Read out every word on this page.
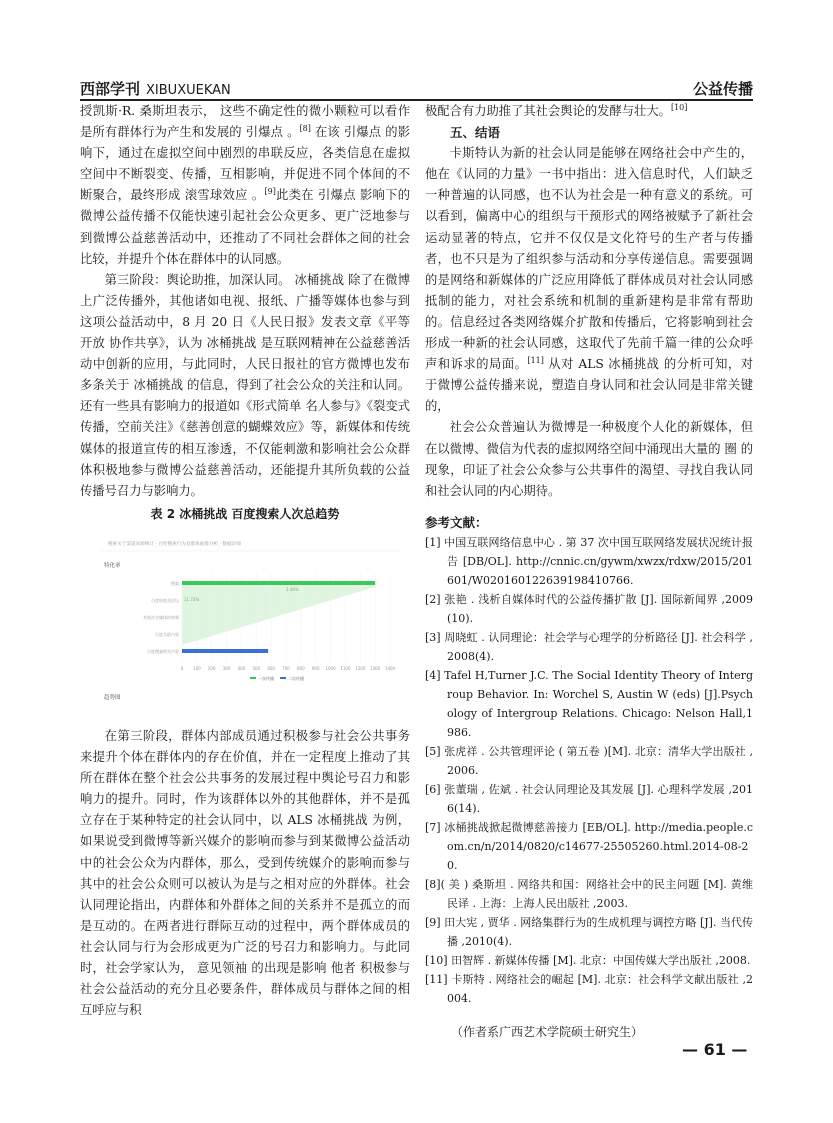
西部学刊 XIBUXUEKAN	公益传播

授凯斯·R. 桑斯坦表示， 这些不确定性的微小颗粒可以看作是所有群体行为产生和发展的 引爆点 。[8] 在该 引爆点 的影响下，通过在虚拟空间中剧烈的串联反应，各类信息在虚拟空间中不断裂变、传播，互相影响，并促进不同个体间的不断聚合，最终形成 滚雪球效应 。[9]此类在 引爆点 影响下的微博公益传播不仅能快速引起社会公众更多、更广泛地参与到微博公益慈善活动中，还推动了不同社会群体之间的社会比较，并提升个体在群体中的认同感。

第三阶段：舆论助推，加深认同。 冰桶挑战 除了在微博上广泛传播外，其他诸如电视、报纸、广播等媒体也参与到这项公益活动中，8 月 20 日《人民日报》发表文章《平等开放 协作共享》，认为 冰桶挑战 是互联网精神在公益慈善活动中创新的应用，与此同时，人民日报社的官方微博也发布多条关于 冰桶挑战 的信息，得到了社会公众的关注和认同。还有一些具有影响力的报道如《形式简单 名人参与》《裂变式传播，空前关注》《慈善创意的蝴蝶效应》等，新媒体和传统媒体的报道宣传的相互渗透，不仅能刺激和影响社会公众群体积极地参与微博公益慈善活动，还能提升其所负载的公益传播号召力与影响力。

表 2 冰桶挑战 百度搜索人次总趋势
搜索关于渠道来源统计 · 百度搜索行为及群体画像分析 · 数据详细
特化率
0 100 200 300 400 500 600 700 800 900 1000 1100 1200 1300 1400
搜索
百度贴吧及论坛
其他社交媒体的转载
百度关联内容
百度搜索相关内容
11.73%
2.46%
一次传播	二次传播
趋势图

在第三阶段，群体内部成员通过积极参与社会公共事务来提升个体在群体内的存在价值，并在一定程度上推动了其所在群体在整个社会公共事务的发展过程中舆论号召力和影响力的提升。同时，作为该群体以外的其他群体，并不是孤立存在于某种特定的社会认同中，以 ALS 冰桶挑战 为例，如果说受到微博等新兴媒介的影响而参与到某微博公益活动中的社会公众为内群体，那么，受到传统媒介的影响而参与其中的社会公众则可以被认为是与之相对应的外群体。社会认同理论指出，内群体和外群体之间的关系并不是孤立的而是互动的。在两者进行群际互动的过程中，两个群体成员的社会认同与行为会形成更为广泛的号召力和影响力。与此同时，社会学家认为， 意见领袖 的出现是影响 他者 积极参与社会公益活动的充分且必要条件，群体成员与群体之间的相互呼应与积

极配合有力助推了其社会舆论的发酵与壮大。[10]

五、结语

卡斯特认为新的社会认同是能够在网络社会中产生的，他在《认同的力量》一书中指出：进入信息时代，人们缺乏一种普遍的认同感，也不认为社会是一种有意义的系统。可以看到，偏离中心的组织与干预形式的网络被赋予了新社会运动显著的特点，它并不仅仅是文化符号的生产者与传播者，也不只是为了组织参与活动和分享传递信息。需要强调的是网络和新媒体的广泛应用降低了群体成员对社会认同感抵制的能力，对社会系统和机制的重新建构是非常有帮助的。信息经过各类网络媒介扩散和传播后，它将影响到社会形成一种新的社会认同感，这取代了先前千篇一律的公众呼声和诉求的局面。[11] 从对 ALS 冰桶挑战 的分析可知，对于微博公益传播来说，塑造自身认同和社会认同是非常关键的，

社会公众普遍认为微博是一种极度个人化的新媒体，但在以微博、微信为代表的虚拟网络空间中涌现出大量的 圈 的现象，印证了社会公众参与公共事件的渴望、寻找自我认同和社会认同的内心期待。

参考文献：

[1] 中国互联网络信息中心 . 第 37 次中国互联网络发展状况统计报告 [DB/OL]. http://cnnic.cn/gywm/xwzx/rdxw/2015/201601/W020160122639198410766.

[2] 张艳 . 浅析自媒体时代的公益传播扩散 [J]. 国际新闻界 ,2009(10).

[3] 周晓虹 . 认同理论：社会学与心理学的分析路径 [J]. 社会科学 ,2008(4).

[4] Tafel H,Turner J.C. The Social Identity Theory of Intergroup Behavior. In: Worchel S, Austin W (eds) [J].Psychology of Intergroup Relations. Chicago: Nelson Hall,1986.

[5] 张虎祥 . 公共管理评论 ( 第五卷 )[M]. 北京：清华大学出版社 ,2006.

[6] 张董瑞 , 佐斌 . 社会认同理论及其发展 [J]. 心理科学发展 ,2016(14).

[7] 冰桶挑战掀起微博慈善接力 [EB/OL]. http://media.people.com.cn/n/2014/0820/c14677-25505260.html.2014-08-20.

[8]( 美 ) 桑斯坦 . 网络共和国：网络社会中的民主问题 [M]. 黄维民译 . 上海：上海人民出版社 ,2003.

[9] 田大宪 , 贾华 . 网络集群行为的生成机理与调控方略 [J]. 当代传播 ,2010(4).

[10] 田智辉 . 新媒体传播 [M]. 北京：中国传媒大学出版社 ,2008.

[11] 卡斯特 . 网络社会的崛起 [M]. 北京：社会科学文献出版社 ,2004.

（作者系广西艺术学院硕士研究生）
— 61 —
